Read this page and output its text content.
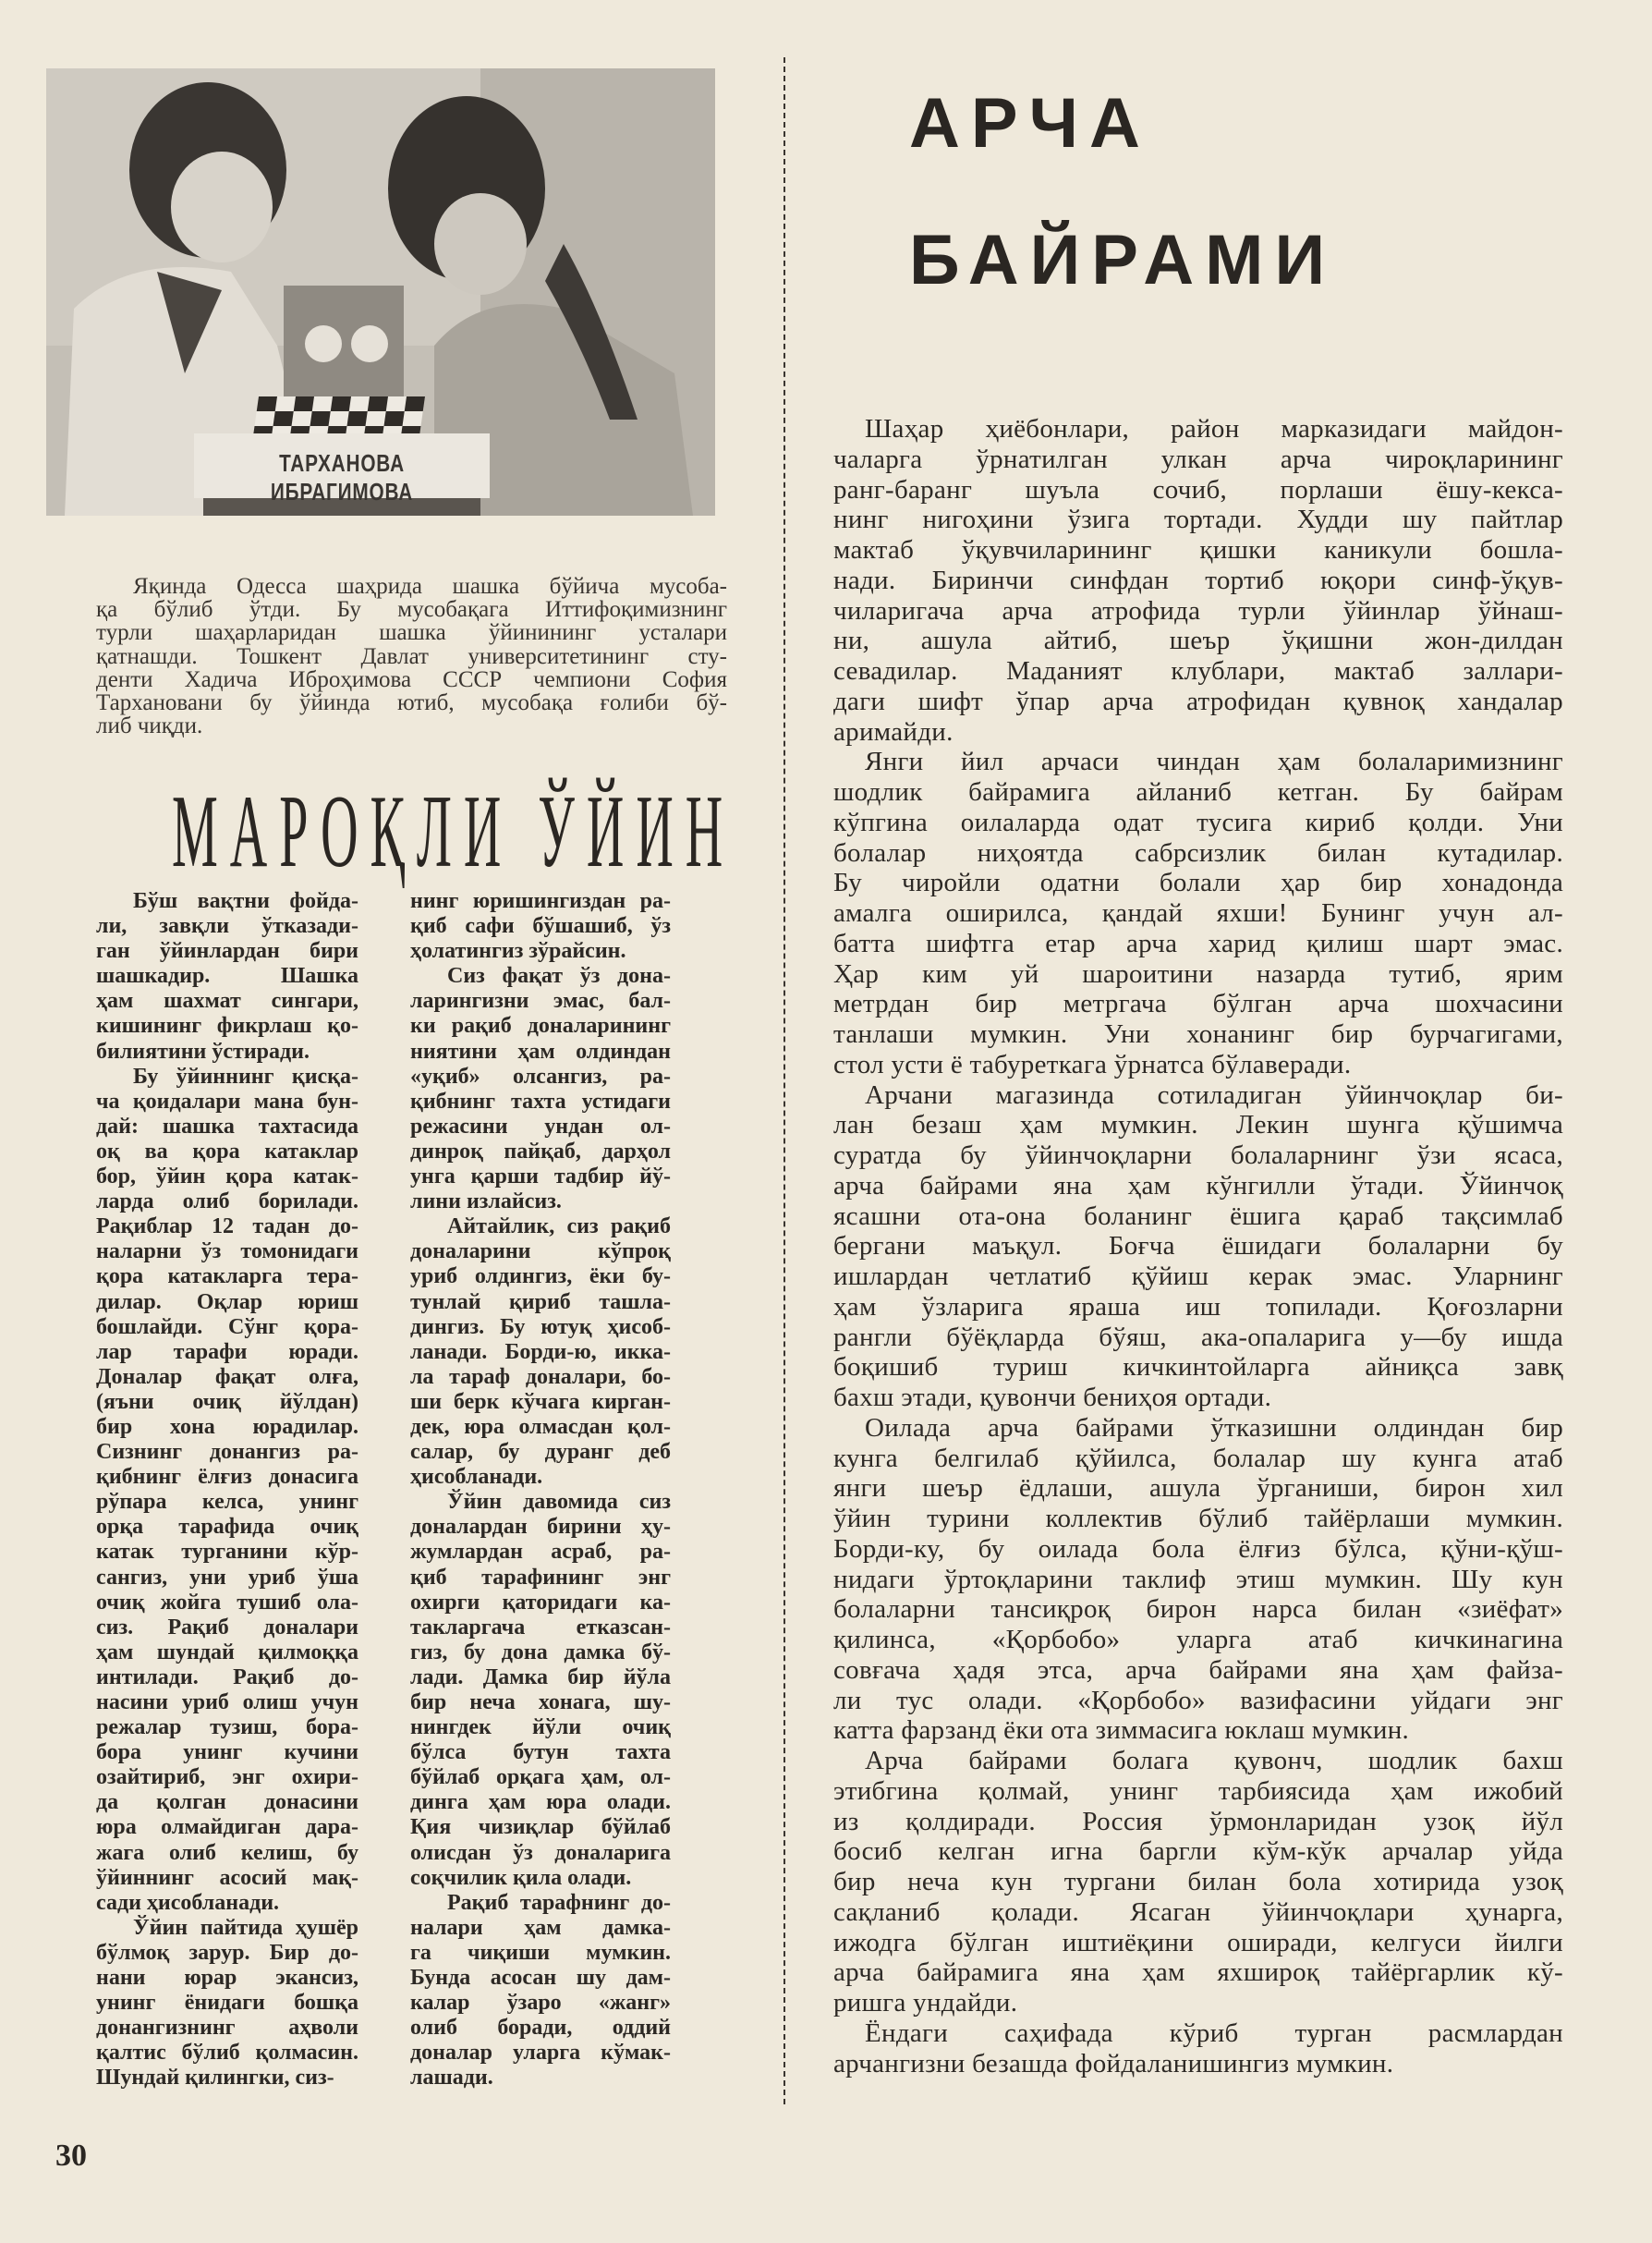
ТАРХАНОВА ИБРАГИМОВА
Яқинда Одесса шаҳрида шашка бўйича мусоба-
қа бўлиб ўтди. Бу мусобақага Иттифоқимизнинг
турли шаҳарларидан шашка ўйинининг усталари
қатнашди. Тошкент Давлат университетининг сту-
денти Хадича Иброҳимова СССР чемпиони София
Тархановани бу ўйинда ютиб, мусобақа ғолиби бў-
либ чиқди.
МАРОҚЛИ ЎЙИН
Бўш вақтни фойда-
ли, завқли ўтказади-
ган ўйинлардан бири
шашкадир. Шашка
ҳам шахмат сингари,
кишининг фикрлаш қо-
билиятини ўстиради.
Бу ўйиннинг қисқа-
ча қоидалари мана бун-
дай: шашка тахтасида
оқ ва қора катаклар
бор, ўйин қора катак-
ларда олиб борилади.
Рақиблар 12 тадан до-
наларни ўз томонидаги
қора катакларга тера-
дилар. Оқлар юриш
бошлайди. Сўнг қора-
лар тарафи юради.
Доналар фақат олға,
(яъни очиқ йўлдан)
бир хона юрадилар.
Сизнинг донангиз ра-
қибнинг ёлғиз донасига
рўпара келса, унинг
орқа тарафида очиқ
катак турганини кўр-
сангиз, уни уриб ўша
очиқ жойга тушиб ола-
сиз. Рақиб доналари
ҳам шундай қилмоққа
интилади. Рақиб до-
насини уриб олиш учун
режалар тузиш, бора-
бора унинг кучини
озайтириб, энг охири-
да қолган донасини
юра олмайдиган дара-
жага олиб келиш, бу
ўйиннинг асосий мақ-
сади ҳисобланади.
Ўйин пайтида ҳушёр
бўлмоқ зарур. Бир до-
нани юрар экансиз,
унинг ёнидаги бошқа
донангизнинг аҳволи
қалтис бўлиб қолмасин.
Шундай қилингки, сиз-
нинг юришингиздан ра-
қиб сафи бўшашиб, ўз
ҳолатингиз зўрайсин.
Сиз фақат ўз дона-
ларингизни эмас, бал-
ки рақиб доналарининг
ниятини ҳам олдиндан
«уқиб» олсангиз, ра-
қибнинг тахта устидаги
режасини ундан ол-
динроқ пайқаб, дарҳол
унга қарши тадбир йў-
лини излайсиз.
Айтайлик, сиз рақиб
доналарини кўпроқ
уриб олдингиз, ёки бу-
тунлай қириб ташла-
дингиз. Бу ютуқ ҳисоб-
ланади. Борди-ю, икка-
ла тараф доналари, бо-
ши берк кўчага кирган-
дек, юра олмасдан қол-
салар, бу дуранг деб
ҳисобланади.
Ўйин давомида сиз
доналардан бирини ҳу-
жумлардан асраб, ра-
қиб тарафининг энг
охирги қаторидаги ка-
такларгача етказсан-
гиз, бу дона дамка бў-
лади. Дамка бир йўла
бир неча хонага, шу-
нингдек йўли очиқ
бўлса бутун тахта
бўйлаб орқага ҳам, ол-
динга ҳам юра олади.
Қия чизиқлар бўйлаб
олисдан ўз доналарига
соқчилик қила олади.
Рақиб тарафнинг до-
налари ҳам дамка-
га чиқиши мумкин.
Бунда асосан шу дам-
калар ўзаро «жанг»
олиб боради, оддий
доналар уларга кўмак-
лашади.
АРЧА
БАЙРАМИ
Шаҳар ҳиёбонлари, район марказидаги майдон-
чаларга ўрнатилган улкан арча чироқларининг
ранг-баранг шуъла сочиб, порлаши ёшу-кекса-
нинг нигоҳини ўзига тортади. Худди шу пайтлар
мактаб ўқувчиларининг қишки каникули бошла-
нади. Биринчи синфдан тортиб юқори синф-ўқув-
чиларигача арча атрофида турли ўйинлар ўйнаш-
ни, ашула айтиб, шеър ўқишни жон-дилдан
севадилар. Маданият клублари, мактаб заллари-
даги шифт ўпар арча атрофидан қувноқ хандалар
аримайди.
Янги йил арчаси чиндан ҳам болаларимизнинг
шодлик байрамига айланиб кетган. Бу байрам
кўпгина оилаларда одат тусига кириб қолди. Уни
болалар ниҳоятда сабрсизлик билан кутадилар.
Бу чиройли одатни болали ҳар бир хонадонда
амалга оширилса, қандай яхши! Бунинг учун ал-
батта шифтга етар арча харид қилиш шарт эмас.
Ҳар ким уй шароитини назарда тутиб, ярим
метрдан бир метргача бўлган арча шохчасини
танлаши мумкин. Уни хонанинг бир бурчагигами,
стол усти ё табуреткага ўрнатса бўлаверади.
Арчани магазинда сотиладиган ўйинчоқлар би-
лан безаш ҳам мумкин. Лекин шунга қўшимча
суратда бу ўйинчоқларни болаларнинг ўзи ясаса,
арча байрами яна ҳам кўнгилли ўтади. Ўйинчоқ
ясашни ота-она боланинг ёшига қараб тақсимлаб
бергани маъқул. Боғча ёшидаги болаларни бу
ишлардан четлатиб қўйиш керак эмас. Уларнинг
ҳам ўзларига яраша иш топилади. Қоғозларни
рангли бўёқларда бўяш, ака-опаларига у—бу ишда
боқишиб туриш кичкинтойларга айниқса завқ
бахш этади, қувончи бениҳоя ортади.
Оилада арча байрами ўтказишни олдиндан бир
кунга белгилаб қўйилса, болалар шу кунга атаб
янги шеър ёдлаши, ашула ўрганиши, бирон хил
ўйин турини коллектив бўлиб тайёрлаши мумкин.
Борди-ку, бу оилада бола ёлғиз бўлса, қўни-қўш-
нидаги ўртоқларини таклиф этиш мумкин. Шу кун
болаларни тансиқроқ бирон нарса билан «зиёфат»
қилинса, «Қорбобо» уларга атаб кичкинагина
совғача ҳадя этса, арча байрами яна ҳам файза-
ли тус олади. «Қорбобо» вазифасини уйдаги энг
катта фарзанд ёки ота зиммасига юклаш мумкин.
Арча байрами болага қувонч, шодлик бахш
этибгина қолмай, унинг тарбиясида ҳам ижобий
из қолдиради. Россия ўрмонларидан узоқ йўл
босиб келган игна баргли кўм-кўк арчалар уйда
бир неча кун тургани билан бола хотирида узоқ
сақланиб қолади. Ясаган ўйинчоқлари ҳунарга,
ижодга бўлган иштиёқини оширади, келгуси йилги
арча байрамига яна ҳам яхшироқ тайёргарлик кў-
ришга ундайди.
Ёндаги саҳифада кўриб турган расмлардан
арчангизни безашда фойдаланишингиз мумкин.
30
